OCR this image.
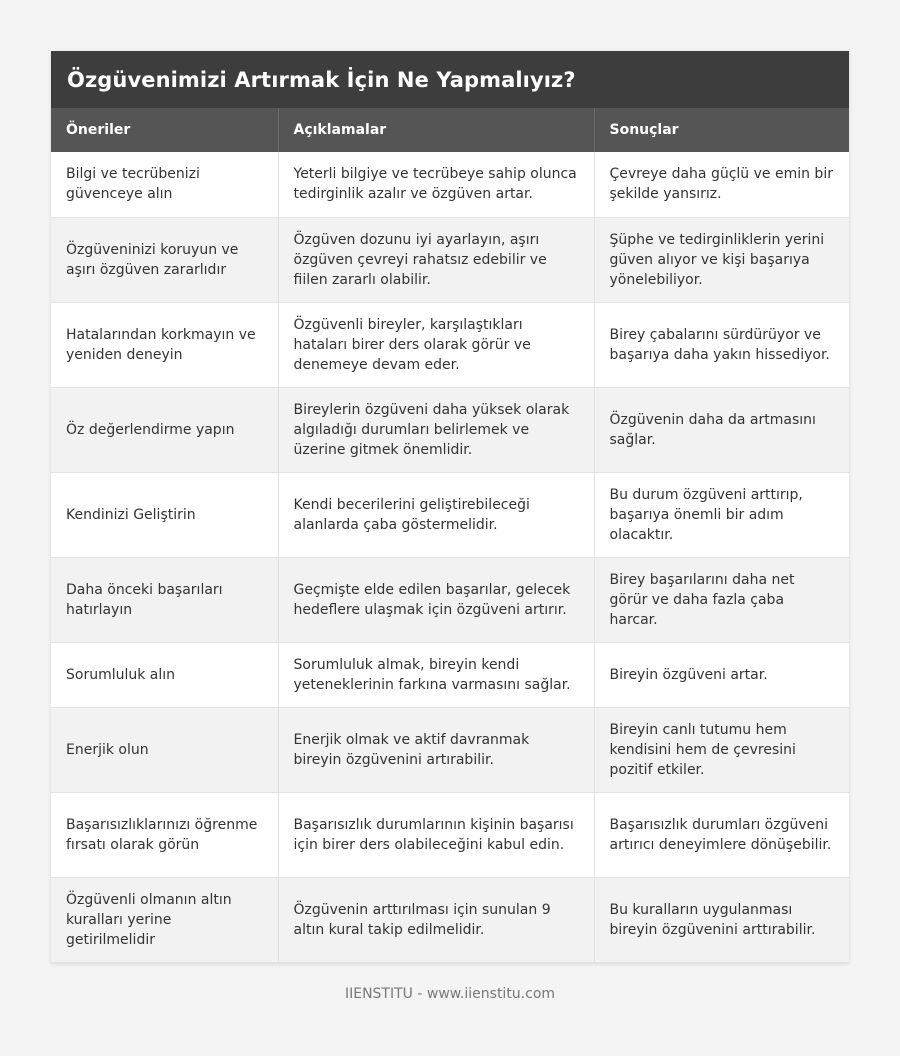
Özgüvenimizi Artırmak İçin Ne Yapmalıyız?
Öneriler	Açıklamalar	Sonuçlar
Bilgi ve tecrübenizi güvenceye alın	Yeterli bilgiye ve tecrübeye sahip olunca tedirginlik azalır ve özgüven artar.	Çevreye daha güçlü ve emin bir şekilde yansırız.
Özgüveninizi koruyun ve aşırı özgüven zararlıdır	Özgüven dozunu iyi ayarlayın, aşırı özgüven çevreyi rahatsız edebilir ve fiilen zararlı olabilir.	Şüphe ve tedirginliklerin yerini güven alıyor ve kişi başarıya yönelebiliyor.
Hatalarından korkmayın ve yeniden deneyin	Özgüvenli bireyler, karşılaştıkları hataları birer ders olarak görür ve denemeye devam eder.	Birey çabalarını sürdürüyor ve başarıya daha yakın hissediyor.
Öz değerlendirme yapın	Bireylerin özgüveni daha yüksek olarak algıladığı durumları belirlemek ve üzerine gitmek önemlidir.	Özgüvenin daha da artmasını sağlar.
Kendinizi Geliştirin	Kendi becerilerini geliştirebileceği alanlarda çaba göstermelidir.	Bu durum özgüveni arttırıp, başarıya önemli bir adım olacaktır.
Daha önceki başarıları hatırlayın	Geçmişte elde edilen başarılar, gelecek hedeflere ulaşmak için özgüveni artırır.	Birey başarılarını daha net görür ve daha fazla çaba harcar.
Sorumluluk alın	Sorumluluk almak, bireyin kendi yeteneklerinin farkına varmasını sağlar.	Bireyin özgüveni artar.
Enerjik olun	Enerjik olmak ve aktif davranmak bireyin özgüvenini artırabilir.	Bireyin canlı tutumu hem kendisini hem de çevresini pozitif etkiler.
Başarısızlıklarınızı öğrenme fırsatı olarak görün	Başarısızlık durumlarının kişinin başarısı için birer ders olabileceğini kabul edin.	Başarısızlık durumları özgüveni artırıcı deneyimlere dönüşebilir.
Özgüvenli olmanın altın kuralları yerine getirilmelidir	Özgüvenin arttırılması için sunulan 9 altın kural takip edilmelidir.	Bu kuralların uygulanması bireyin özgüvenini arttırabilir.
IIENSTITU - www.iienstitu.com
